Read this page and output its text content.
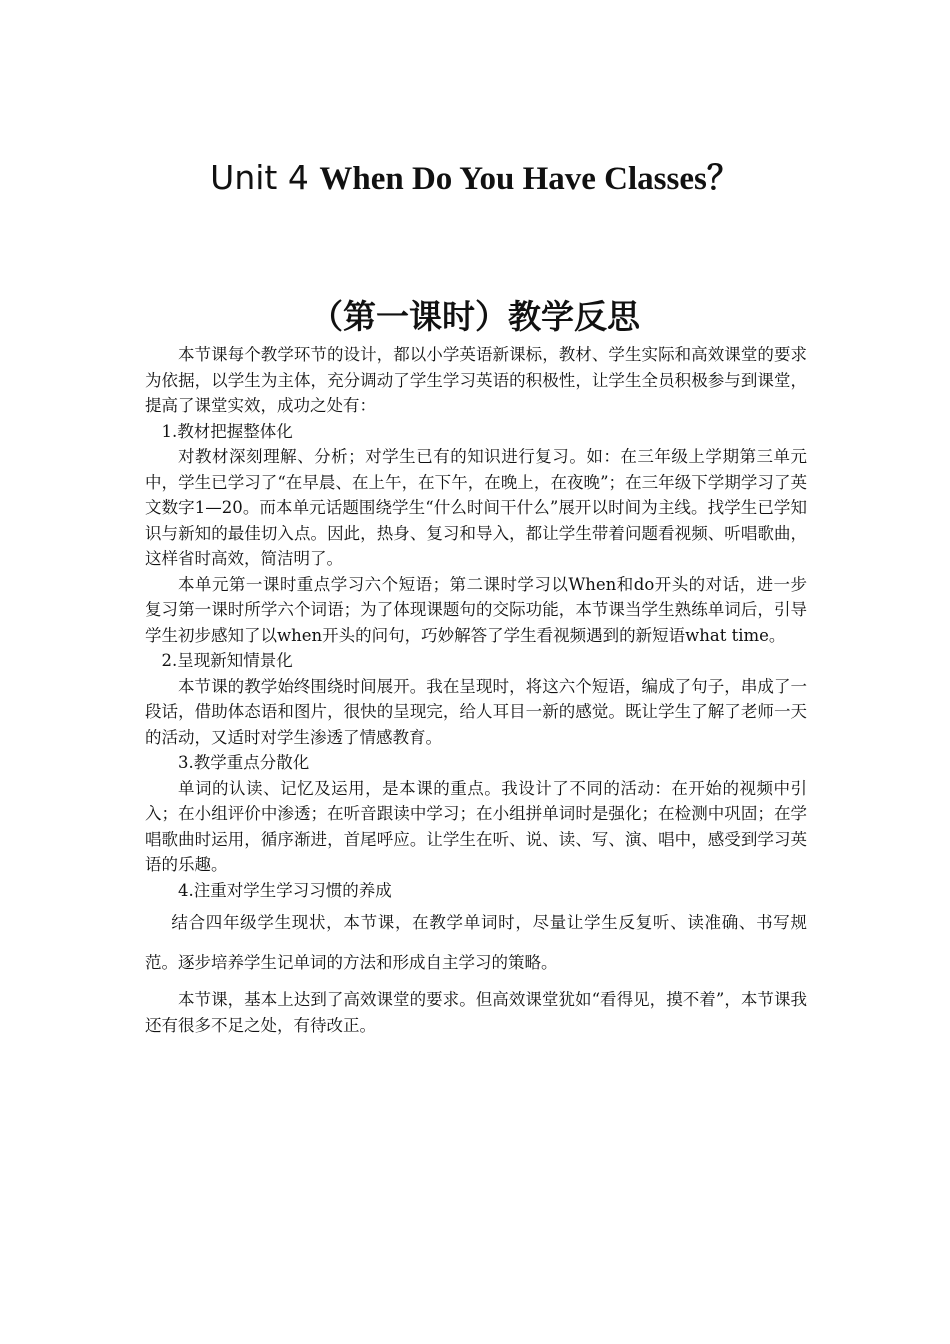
Unit 4 When Do You Have Classes？
（第一课时）教学反思

本节课每个教学环节的设计，都以小学英语新课标，教材、学生实际和高效课堂的要求为依据，以学生为主体，充分调动了学生学习英语的积极性，让学生全员积极参与到课堂，提高了课堂实效，成功之处有：

1.教材把握整体化

对教材深刻理解、分析；对学生已有的知识进行复习。如：在三年级上学期第三单元中，学生已学习了“在早晨、在上午，在下午，在晚上，在夜晚”；在三年级下学期学习了英文数字1—20。而本单元话题围绕学生“什么时间干什么”展开以时间为主线。找学生已学知识与新知的最佳切入点。因此，热身、复习和导入，都让学生带着问题看视频、听唱歌曲，这样省时高效，简洁明了。

本单元第一课时重点学习六个短语；第二课时学习以When和do开头的对话，进一步复习第一课时所学六个词语；为了体现课题句的交际功能，本节课当学生熟练单词后，引导学生初步感知了以when开头的问句，巧妙解答了学生看视频遇到的新短语what time。

2.呈现新知情景化

本节课的教学始终围绕时间展开。我在呈现时，将这六个短语，编成了句子，串成了一段话，借助体态语和图片，很快的呈现完，给人耳目一新的感觉。既让学生了解了老师一天的活动，又适时对学生渗透了情感教育。

3.教学重点分散化

单词的认读、记忆及运用，是本课的重点。我设计了不同的活动：在开始的视频中引入；在小组评价中渗透；在听音跟读中学习；在小组拼单词时是强化；在检测中巩固；在学唱歌曲时运用，循序渐进，首尾呼应。让学生在听、说、读、写、演、唱中，感受到学习英语的乐趣。

4.注重对学生学习习惯的养成

结合四年级学生现状，本节课，在教学单词时，尽量让学生反复听、读准确、书写规范。逐步培养学生记单词的方法和形成自主学习的策略。

本节课，基本上达到了高效课堂的要求。但高效课堂犹如“看得见，摸不着”，本节课我还有很多不足之处，有待改正。
